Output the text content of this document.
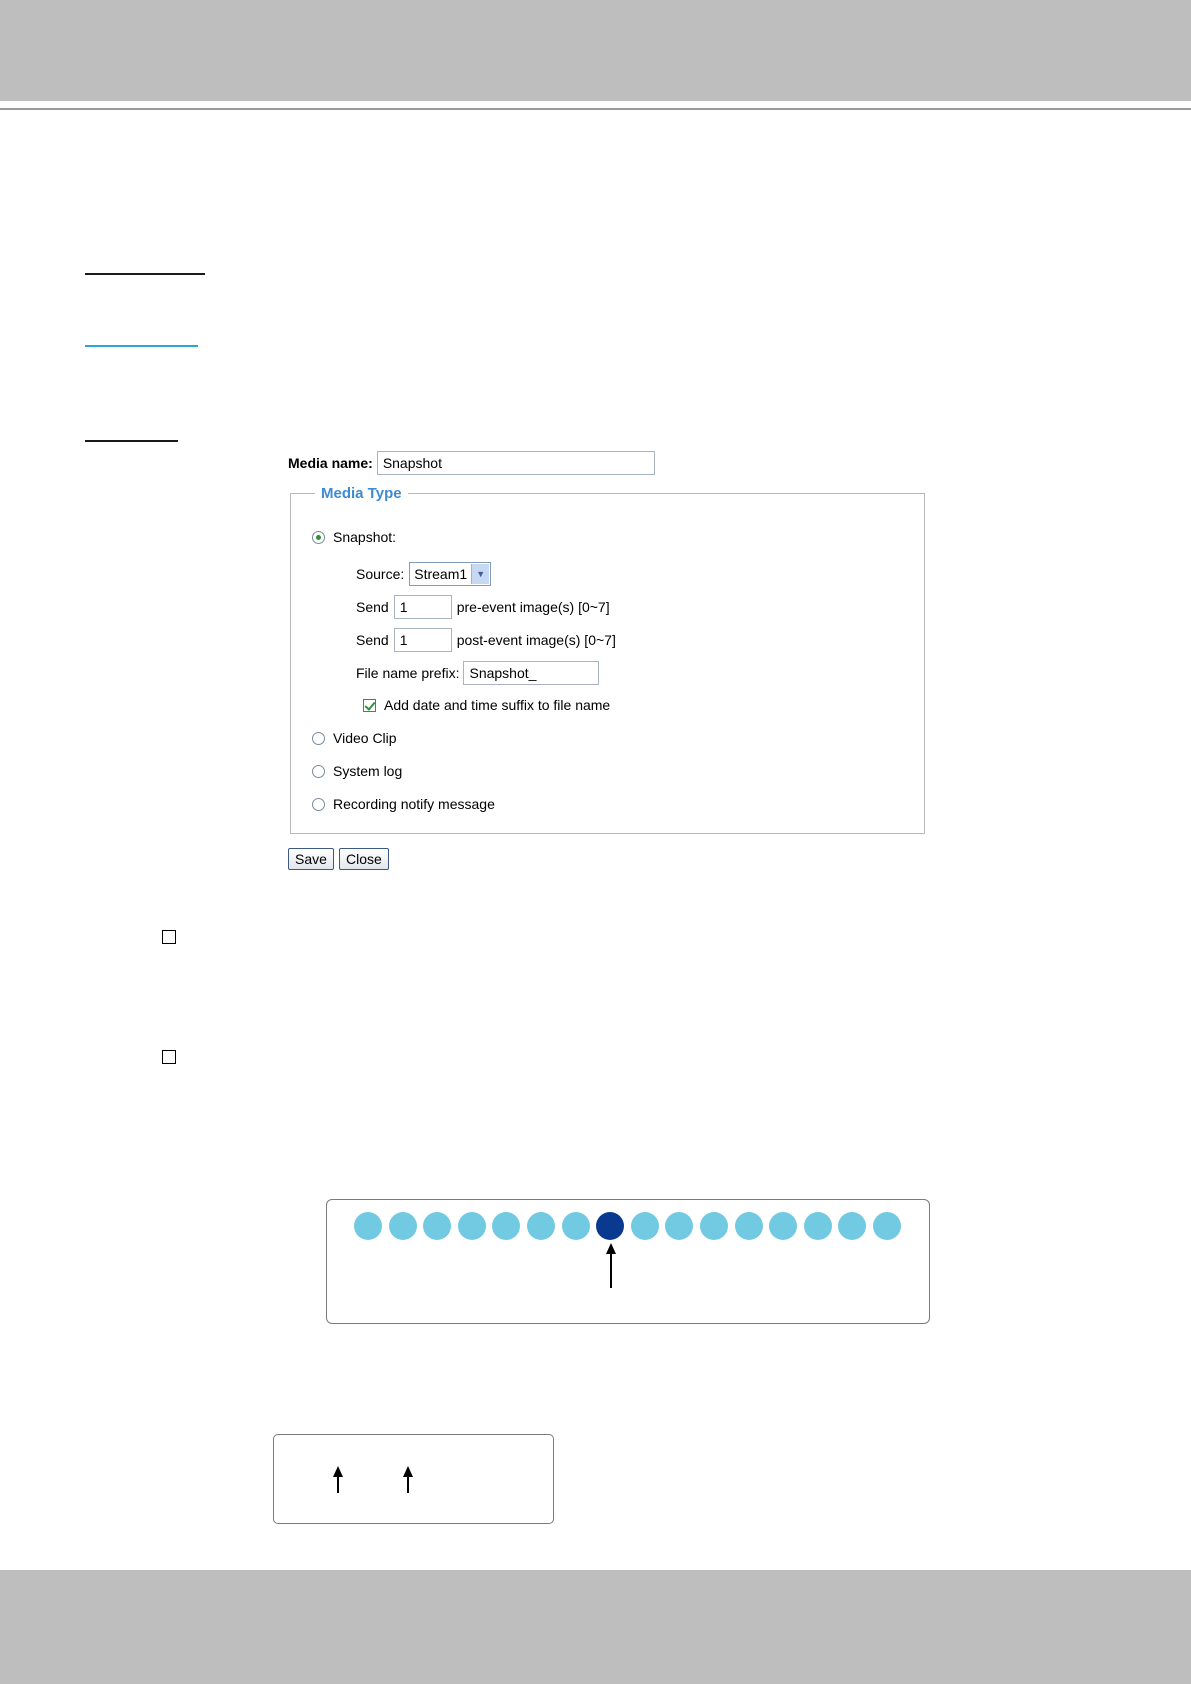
Media name: Snapshot
Media Type
Snapshot:
Source: Stream1	▼
Send 1	pre-event image(s) [0~7]
Send 1	post-event image(s) [0~7]
File name prefix: Snapshot_
Add date and time suffix to file name
Video Clip
System log
Recording notify message
Save	Close
